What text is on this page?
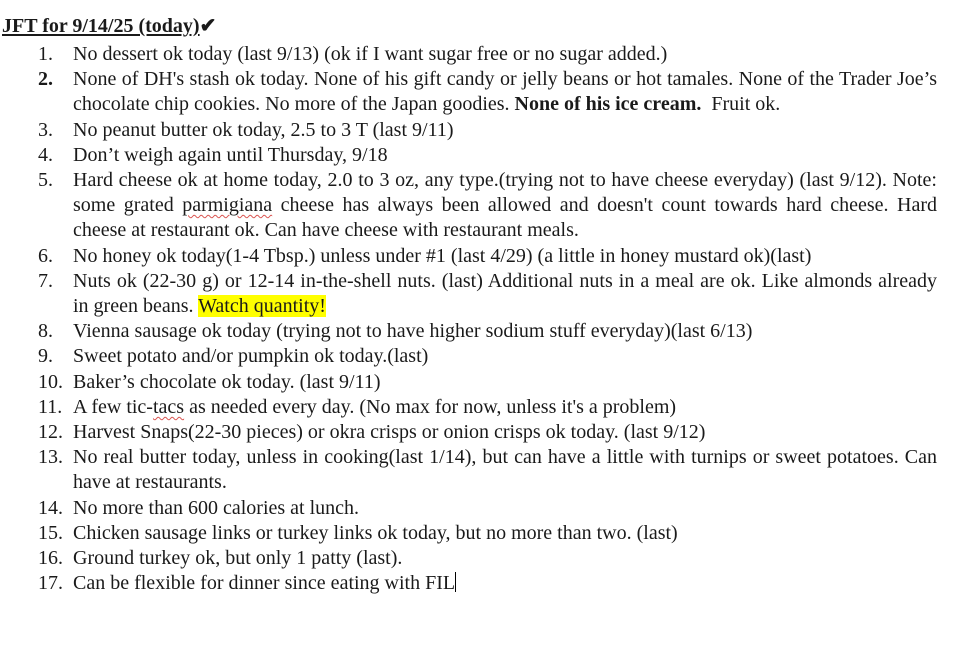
JFT for 9/14/25 (today)✔
1.	No dessert ok today (last 9/13) (ok if I want sugar free or no sugar added.)
2.	None of DH's stash ok today. None of his gift candy or jelly beans or hot tamales. None of the Trader Joe’s chocolate chip cookies. No more of the Japan goodies. None of his ice cream.  Fruit ok.
3.	No peanut butter ok today, 2.5 to 3 T (last 9/11)
4.	Don’t weigh again until Thursday, 9/18
5.	Hard cheese ok at home today, 2.0 to 3 oz, any type.(trying not to have cheese everyday) (last 9/12). Note: some grated parmigiana cheese has always been allowed and doesn't count towards hard cheese. Hard cheese at restaurant ok. Can have cheese with restaurant meals.
6.	No honey ok today(1-4 Tbsp.) unless under #1 (last 4/29) (a little in honey mustard ok)(last)
7.	Nuts ok (22-30 g) or 12-14 in-the-shell nuts. (last) Additional nuts in a meal are ok. Like almonds already in green beans. Watch quantity!
8.	Vienna sausage ok today (trying not to have higher sodium stuff everyday)(last 6/13)
9.	Sweet potato and/or pumpkin ok today.(last)
10. Baker’s chocolate ok today. (last 9/11)
11. A few tic-tacs as needed every day. (No max for now, unless it's a problem)
12. Harvest Snaps(22-30 pieces) or okra crisps or onion crisps ok today. (last 9/12)
13. No real butter today, unless in cooking(last 1/14), but can have a little with turnips or sweet potatoes. Can have at restaurants.
14. No more than 600 calories at lunch.
15. Chicken sausage links or turkey links ok today, but no more than two. (last)
16. Ground turkey ok, but only 1 patty (last).
17. Can be flexible for dinner since eating with FIL
